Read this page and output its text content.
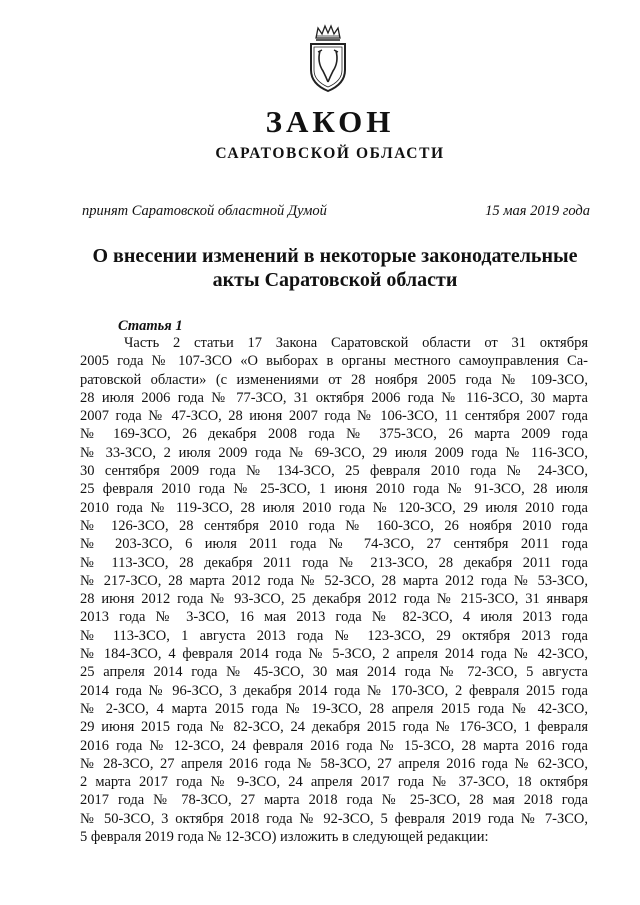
ЗАКОН
САРАТОВСКОЙ ОБЛАСТИ
принят Саратовской областной Думой	15 мая 2019 года
О внесении изменений в некоторые законодательные
акты Саратовской области
Статья 1
Часть 2 статьи 17 Закона Саратовской области от 31 октября
2005 года № 107-ЗСО «О выборах в органы местного самоуправления Са-
ратовской области» (с изменениями от 28 ноября 2005 года № 109-ЗСО,
28 июля 2006 года № 77-ЗСО, 31 октября 2006 года № 116-ЗСО, 30 марта
2007 года № 47-ЗСО, 28 июня 2007 года № 106-ЗСО, 11 сентября 2007 года
№ 169-ЗСО, 26 декабря 2008 года № 375-ЗСО, 26 марта 2009 года
№ 33-ЗСО, 2 июля 2009 года № 69-ЗСО, 29 июля 2009 года № 116-ЗСО,
30 сентября 2009 года № 134-ЗСО, 25 февраля 2010 года № 24-ЗСО,
25 февраля 2010 года № 25-ЗСО, 1 июня 2010 года № 91-ЗСО, 28 июля
2010 года № 119-ЗСО, 28 июля 2010 года № 120-ЗСО, 29 июля 2010 года
№ 126-ЗСО, 28 сентября 2010 года № 160-ЗСО, 26 ноября 2010 года
№ 203-ЗСО, 6 июля 2011 года № 74-ЗСО, 27 сентября 2011 года
№ 113-ЗСО, 28 декабря 2011 года № 213-ЗСО, 28 декабря 2011 года
№ 217-ЗСО, 28 марта 2012 года № 52-ЗСО, 28 марта 2012 года № 53-ЗСО,
28 июня 2012 года № 93-ЗСО, 25 декабря 2012 года № 215-ЗСО, 31 января
2013 года № 3-ЗСО, 16 мая 2013 года № 82-ЗСО, 4 июля 2013 года
№ 113-ЗСО, 1 августа 2013 года № 123-ЗСО, 29 октября 2013 года
№ 184-ЗСО, 4 февраля 2014 года № 5-ЗСО, 2 апреля 2014 года № 42-ЗСО,
25 апреля 2014 года № 45-ЗСО, 30 мая 2014 года № 72-ЗСО, 5 августа
2014 года № 96-ЗСО, 3 декабря 2014 года № 170-ЗСО, 2 февраля 2015 года
№ 2-ЗСО, 4 марта 2015 года № 19-ЗСО, 28 апреля 2015 года № 42-ЗСО,
29 июня 2015 года № 82-ЗСО, 24 декабря 2015 года № 176-ЗСО, 1 февраля
2016 года № 12-ЗСО, 24 февраля 2016 года № 15-ЗСО, 28 марта 2016 года
№ 28-ЗСО, 27 апреля 2016 года № 58-ЗСО, 27 апреля 2016 года № 62-ЗСО,
2 марта 2017 года № 9-ЗСО, 24 апреля 2017 года № 37-ЗСО, 18 октября
2017 года № 78-ЗСО, 27 марта 2018 года № 25-ЗСО, 28 мая 2018 года
№ 50-ЗСО, 3 октября 2018 года № 92-ЗСО, 5 февраля 2019 года № 7-ЗСО,
5 февраля 2019 года № 12-ЗСО) изложить в следующей редакции:
